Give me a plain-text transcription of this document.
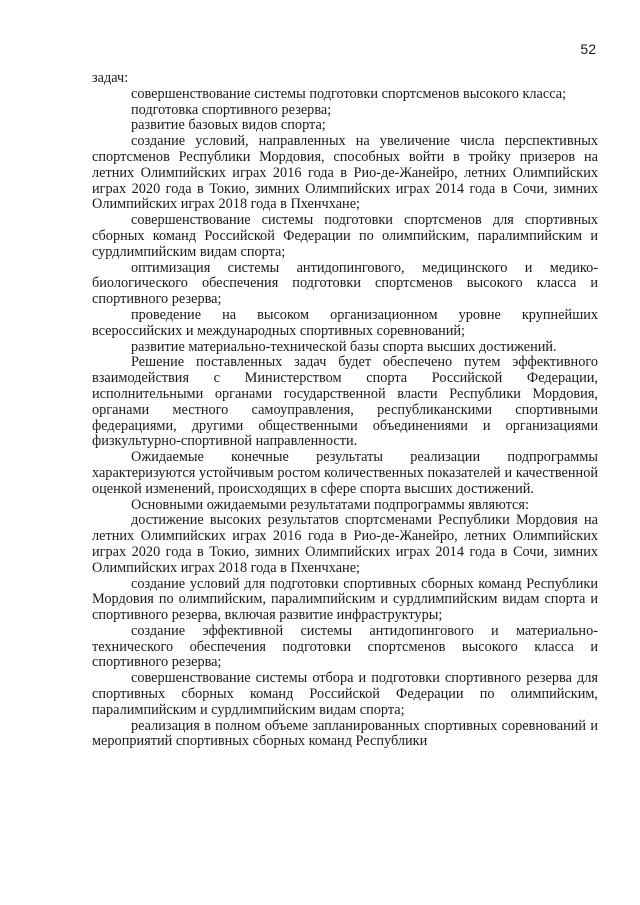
52

задач:

совершенствование системы подготовки спортсменов высокого класса;

подготовка спортивного резерва;

развитие базовых видов спорта;

создание условий, направленных на увеличение числа перспективных спортсменов Республики Мордовия, способных войти в тройку призеров на летних Олимпийских играх 2016 года в Рио-де-Жанейро, летних Олимпийских играх 2020 года в Токио, зимних Олимпийских играх 2014 года в Сочи, зимних Олимпийских играх 2018 года в Пхенчхане;

совершенствование системы подготовки спортсменов для спортивных сборных команд Российской Федерации по олимпийским, паралимпийским и сурдлимпийским видам спорта;

оптимизация системы антидопингового, медицинского и медико-биологического обеспечения подготовки спортсменов высокого класса и спортивного резерва;

проведение на высоком организационном уровне крупнейших всероссийских и международных спортивных соревнований;

развитие материально-технической базы спорта высших достижений.

Решение поставленных задач будет обеспечено путем эффективного взаимодействия с Министерством спорта Российской Федерации, исполнительными органами государственной власти Республики Мордовия, органами местного самоуправления, республиканскими спортивными федерациями, другими общественными объединениями и организациями физкультурно-спортивной направленности.

Ожидаемые конечные результаты реализации подпрограммы характеризуются устойчивым ростом количественных показателей и качественной оценкой изменений, происходящих в сфере спорта высших достижений.

Основными ожидаемыми результатами подпрограммы являются:

достижение высоких результатов спортсменами Республики Мордовия на летних Олимпийских играх 2016 года в Рио-де-Жанейро, летних Олимпийских играх 2020 года в Токио, зимних Олимпийских играх 2014 года в Сочи, зимних Олимпийских играх 2018 года в Пхенчхане;

создание условий для подготовки спортивных сборных команд Республики Мордовия по олимпийским, паралимпийским и сурдлимпийским видам спорта и спортивного резерва, включая развитие инфраструктуры;

создание эффективной системы антидопингового и материально-технического обеспечения подготовки спортсменов высокого класса и спортивного резерва;

совершенствование системы отбора и подготовки спортивного резерва для спортивных сборных команд Российской Федерации по олимпийским, паралимпийским и сурдлимпийским видам спорта;

реализация в полном объеме запланированных спортивных соревнований и мероприятий спортивных сборных команд Республики
